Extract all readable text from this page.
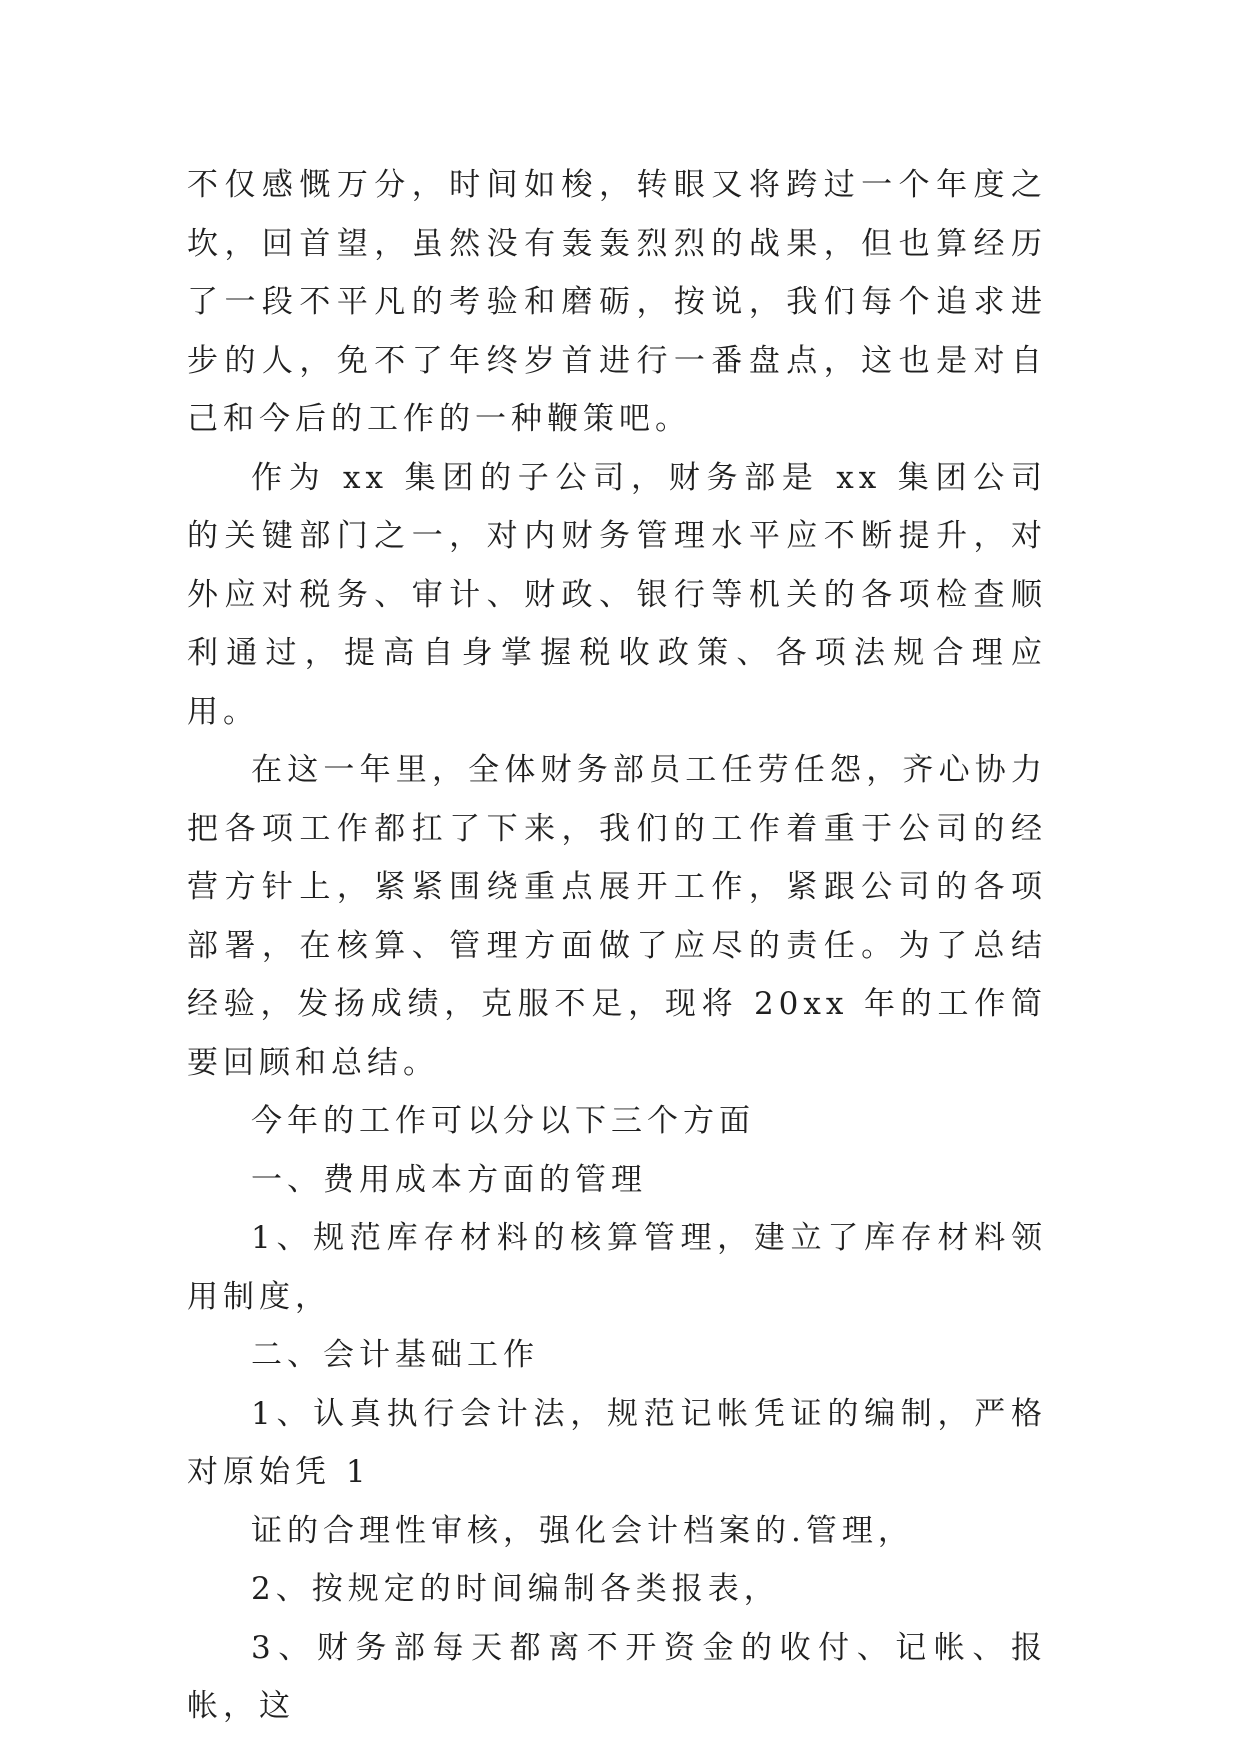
不仅感慨万分，时间如梭，转眼又将跨过一个年度之坎，回首望，虽然没有轰轰烈烈的战果，但也算经历了一段不平凡的考验和磨砺，按说，我们每个追求进步的人，免不了年终岁首进行一番盘点，这也是对自己和今后的工作的一种鞭策吧。

作为 xx 集团的子公司，财务部是 xx 集团公司的关键部门之一，对内财务管理水平应不断提升，对外应对税务、审计、财政、银行等机关的各项检查顺利通过，提高自身掌握税收政策、各项法规合理应用。

在这一年里，全体财务部员工任劳任怨，齐心协力把各项工作都扛了下来，我们的工作着重于公司的经营方针上，紧紧围绕重点展开工作，紧跟公司的各项部署，在核算、管理方面做了应尽的责任。为了总结经验，发扬成绩，克服不足，现将 20xx 年的工作简要回顾和总结。

今年的工作可以分以下三个方面

一、费用成本方面的管理

1、规范库存材料的核算管理，建立了库存材料领用制度，

二、会计基础工作

1、认真执行会计法，规范记帐凭证的编制，严格对原始凭 1

证的合理性审核，强化会计档案的.管理，

2、按规定的时间编制各类报表，

3、财务部每天都离不开资金的收付、记帐、报帐，这
